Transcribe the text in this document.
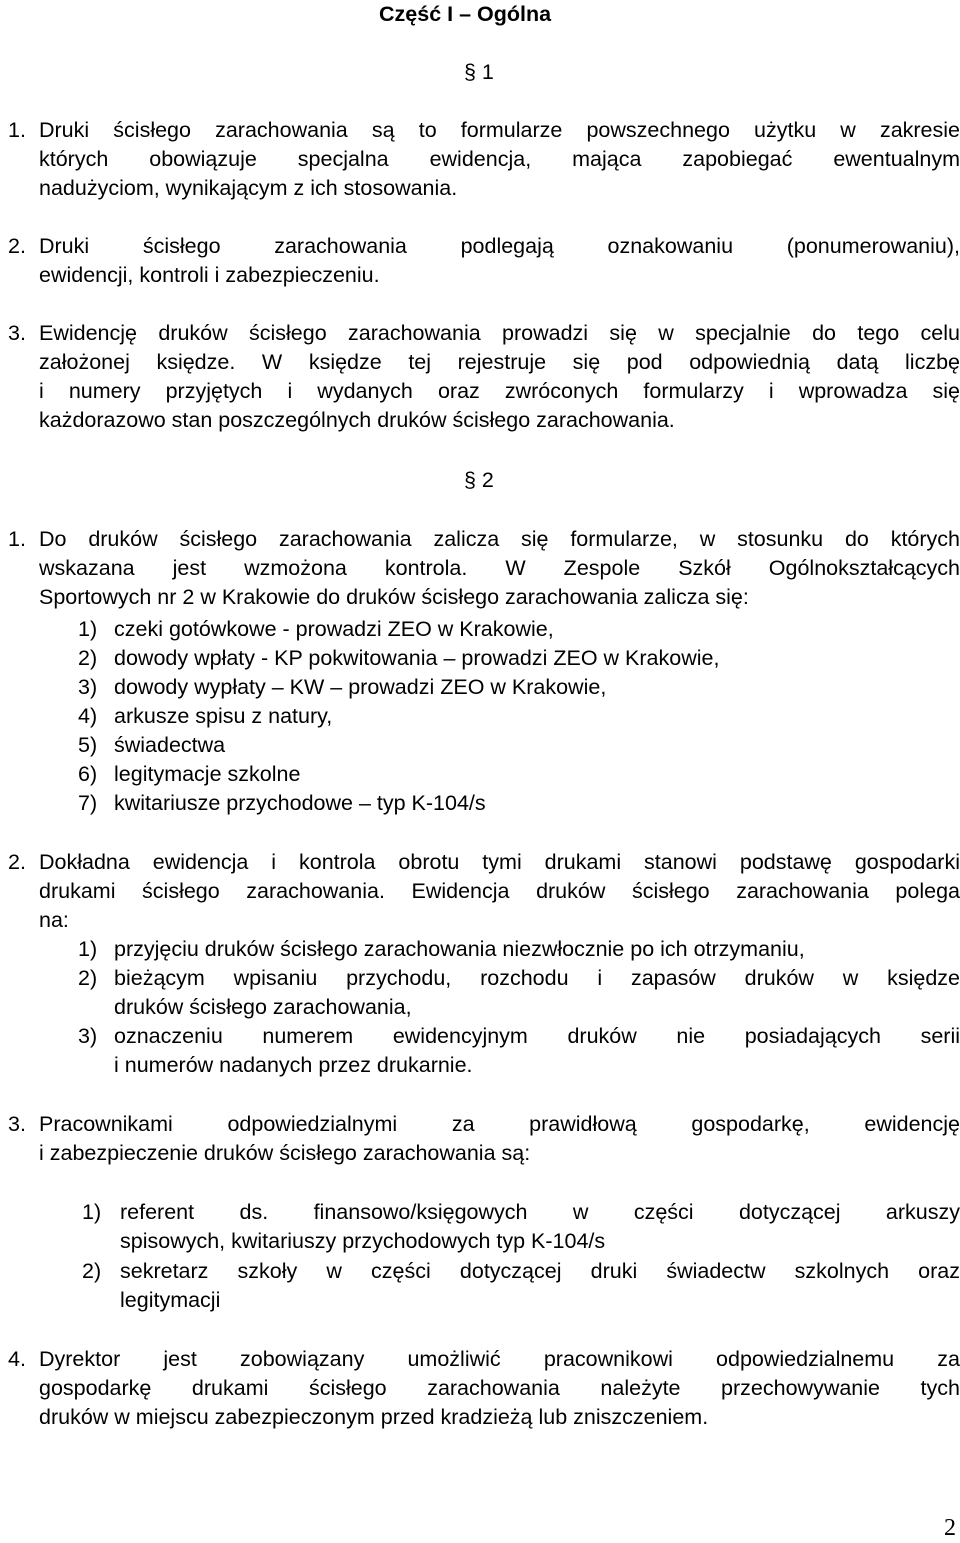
Część I – Ogólna
§ 1
1. Druki ścisłego zarachowania są to formularze powszechnego użytku w zakresie
których obowiązuje specjalna ewidencja, mająca zapobiegać ewentualnym
nadużyciom, wynikającym z ich stosowania.
2. Druki ścisłego zarachowania podlegają oznakowaniu (ponumerowaniu),
ewidencji, kontroli i zabezpieczeniu.
3. Ewidencję druków ścisłego zarachowania prowadzi się w specjalnie do tego celu
założonej księdze. W księdze tej rejestruje się pod odpowiednią datą liczbę
i numery przyjętych i wydanych oraz zwróconych formularzy i wprowadza się
każdorazowo stan poszczególnych druków ścisłego zarachowania.
§ 2
1. Do druków ścisłego zarachowania zalicza się formularze, w stosunku do których
wskazana jest wzmożona kontrola. W Zespole Szkół Ogólnokształcących
Sportowych nr 2 w Krakowie do druków ścisłego zarachowania zalicza się:
1) czeki gotówkowe - prowadzi ZEO w Krakowie,
2) dowody wpłaty - KP pokwitowania – prowadzi ZEO w Krakowie,
3) dowody wypłaty – KW – prowadzi ZEO w Krakowie,
4) arkusze spisu z natury,
5) świadectwa
6) legitymacje szkolne
7) kwitariusze przychodowe – typ K-104/s
2. Dokładna ewidencja i kontrola obrotu tymi drukami stanowi podstawę gospodarki
drukami ścisłego zarachowania. Ewidencja druków ścisłego zarachowania polega
na:
1) przyjęciu druków ścisłego zarachowania niezwłocznie po ich otrzymaniu,
2) bieżącym wpisaniu przychodu, rozchodu i zapasów druków w księdze
druków ścisłego zarachowania,
3) oznaczeniu numerem ewidencyjnym druków nie posiadających serii
i numerów nadanych przez drukarnie.
3. Pracownikami odpowiedzialnymi za prawidłową gospodarkę, ewidencję
i zabezpieczenie druków ścisłego zarachowania są:
1) referent ds. finansowo/księgowych w części dotyczącej arkuszy
spisowych, kwitariuszy przychodowych typ K-104/s
2) sekretarz szkoły w części dotyczącej druki świadectw szkolnych oraz
legitymacji
4. Dyrektor jest zobowiązany umożliwić pracownikowi odpowiedzialnemu za
gospodarkę drukami ścisłego zarachowania należyte przechowywanie tych
druków w miejscu zabezpieczonym przed kradzieżą lub zniszczeniem.
2
